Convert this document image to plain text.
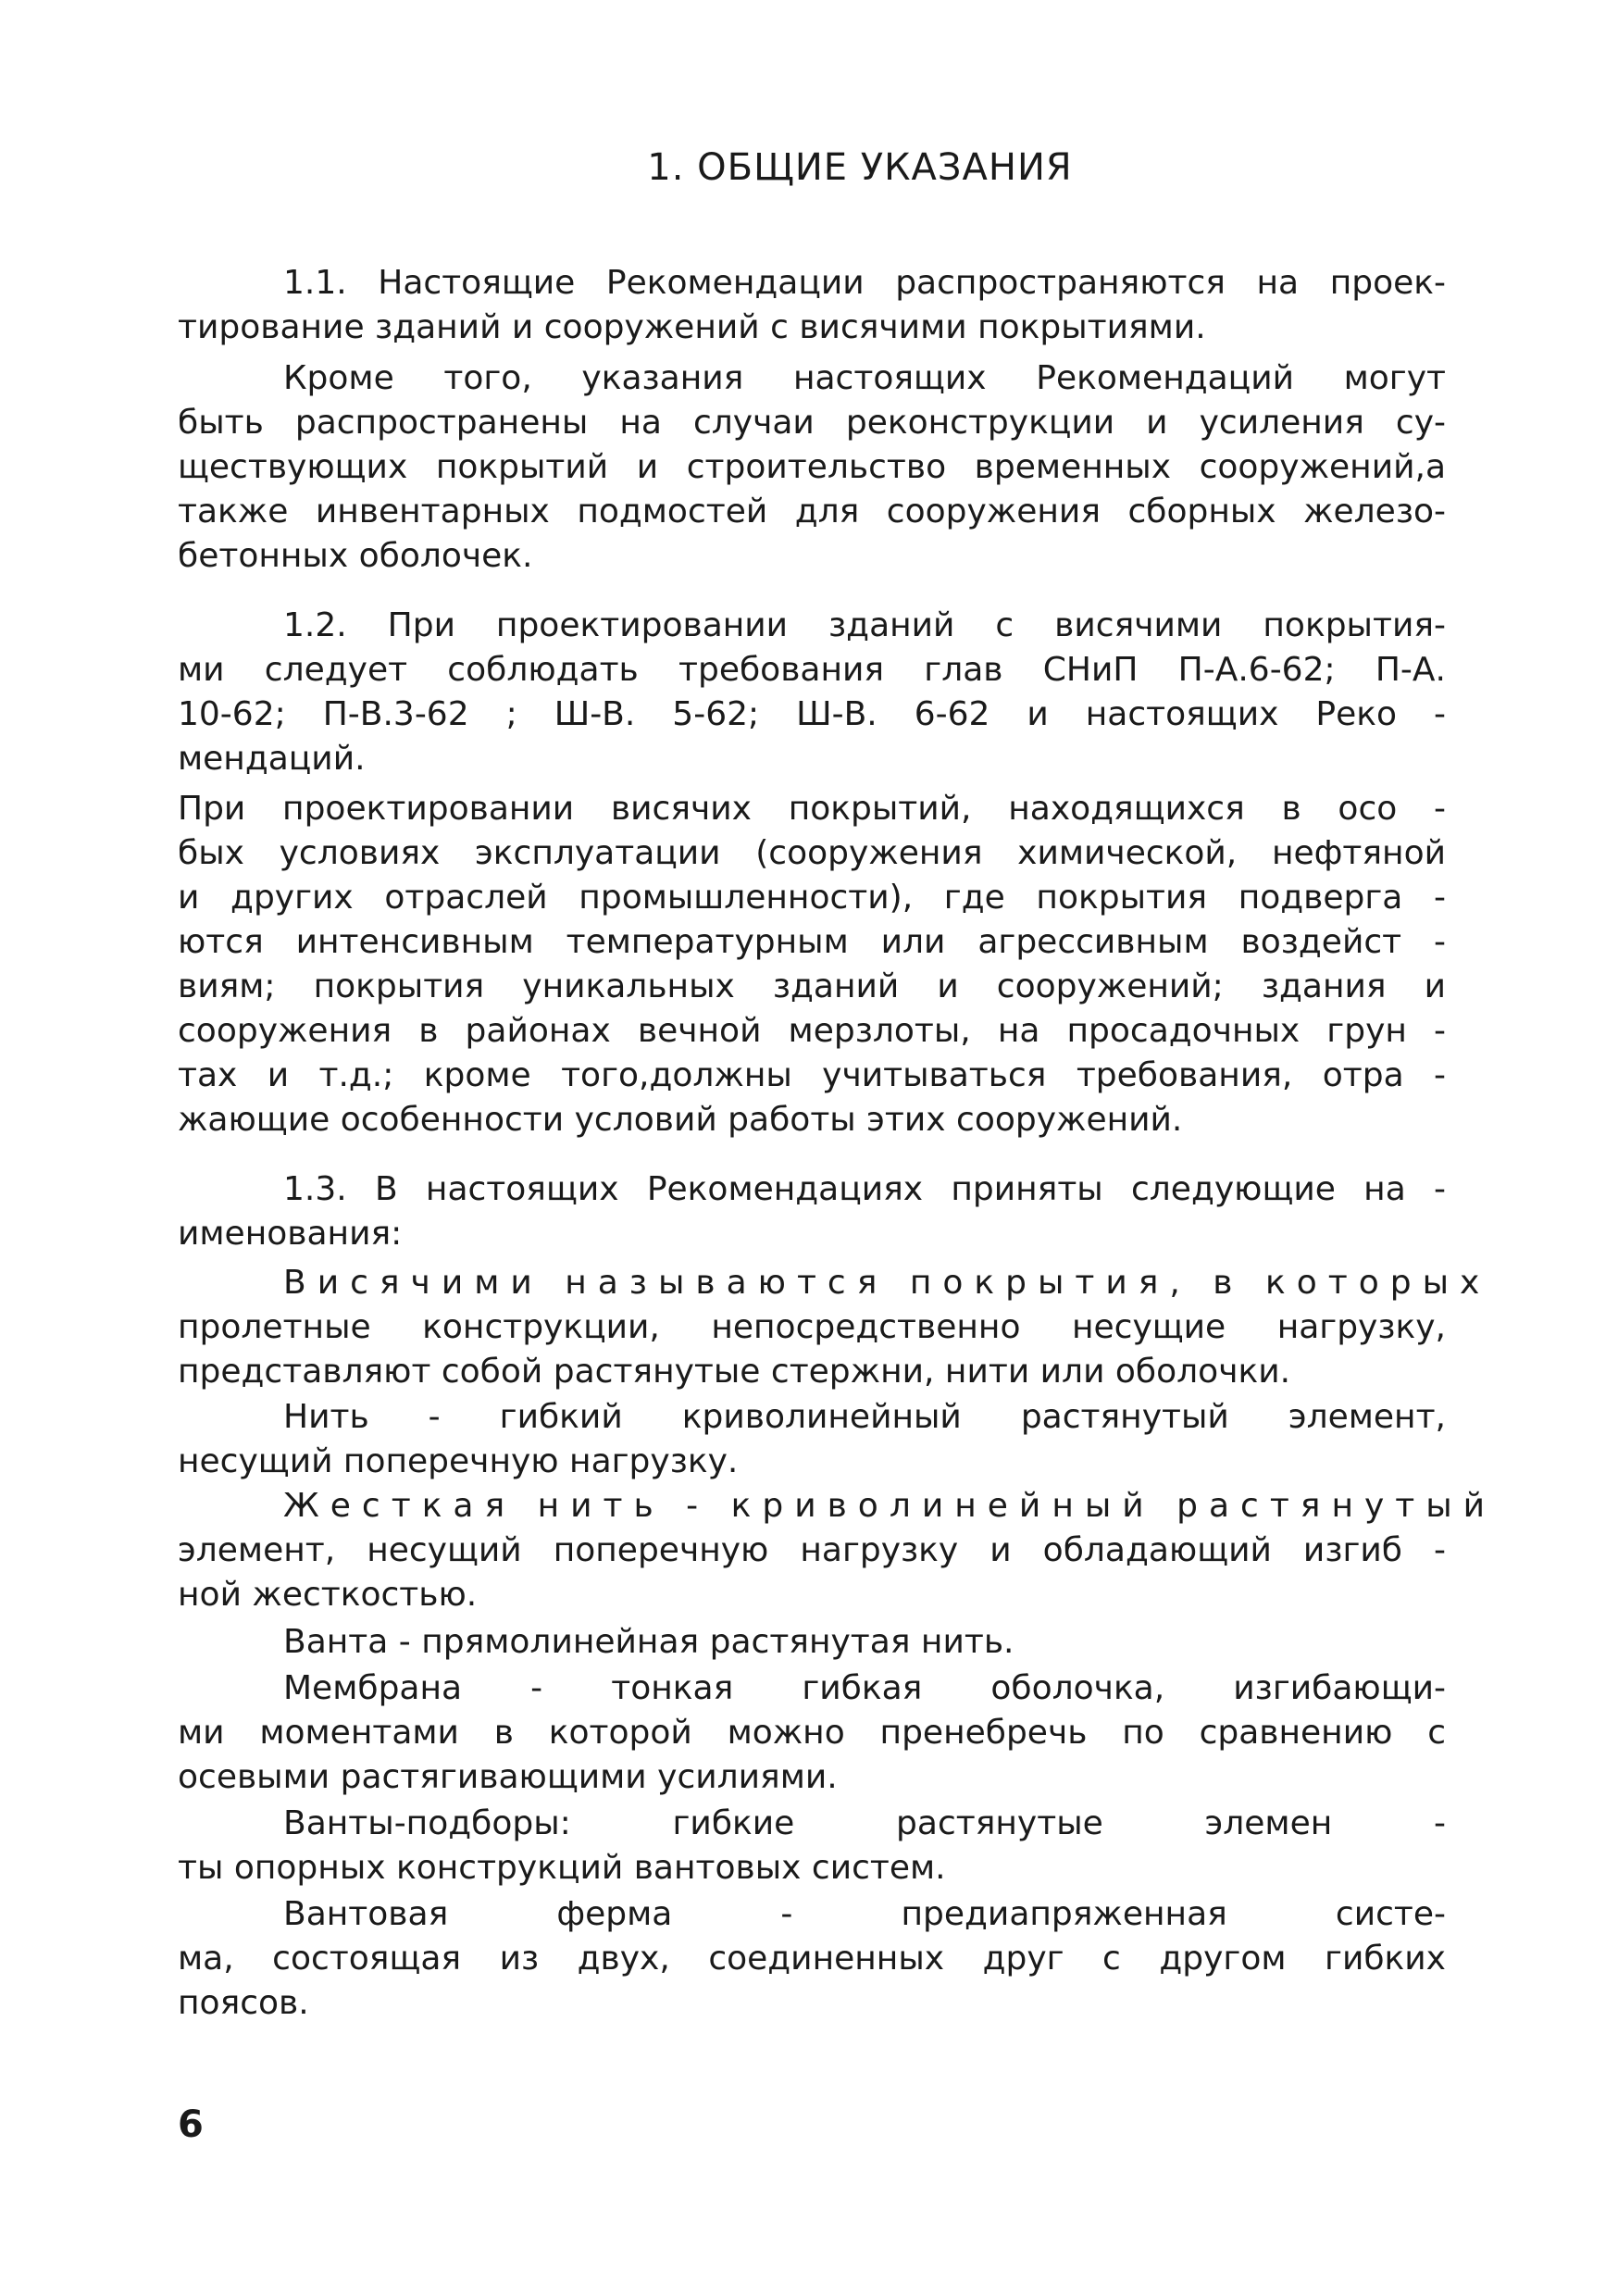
1. ОБЩИЕ УКАЗАНИЯ
1.1. Настоящие Рекомендации распространяются на проек-
тирование зданий и сооружений с висячими покрытиями.
Кроме того, указания настоящих Рекомендаций могут
быть распространены на случаи реконструкции и усиления су-
ществующих покрытий и строительство временных сооружений,а
также инвентарных подмостей для сооружения сборных железо-
бетонных оболочек.
1.2. При проектировании зданий с висячими покрытия-
ми следует соблюдать требования глав СНиП П-А.6-62; П-А.
10-62; П-В.3-62 ; Ш-В. 5-62; Ш-В. 6-62 и настоящих Реко -
мендаций.
При проектировании висячих покрытий, находящихся в осо -
бых условиях эксплуатации (сооружения химической, нефтяной
и других отраслей промышленности), где покрытия подверга -
ются интенсивным температурным или агрессивным воздейст -
виям; покрытия уникальных зданий и сооружений; здания и
сооружения в районах вечной мерзлоты, на просадочных грун -
тах и т.д.; кроме того,должны учитываться требования, отра -
жающие особенности условий работы этих сооружений.
1.3. В настоящих Рекомендациях приняты следующие на -
именования:
Висячими называются покрытия, в которых
пролетные конструкции, непосредственно несущие нагрузку,
представляют собой растянутые стержни, нити или оболочки.
Нить - гибкий криволинейный растянутый элемент,
несущий поперечную нагрузку.
Жесткая нить - криволинейный растянутый
элемент, несущий поперечную нагрузку и обладающий изгиб -
ной жесткостью.
Ванта - прямолинейная растянутая нить.
Мембрана - тонкая гибкая оболочка, изгибающи-
ми моментами в которой можно пренебречь по сравнению с
осевыми растягивающими усилиями.
Ванты-подборы: гибкие растянутые элемен -
ты опорных конструкций вантовых систем.
Вантовая ферма - предиапряженная систе-
ма, состоящая из двух, соединенных друг с другом гибких
поясов.
6
